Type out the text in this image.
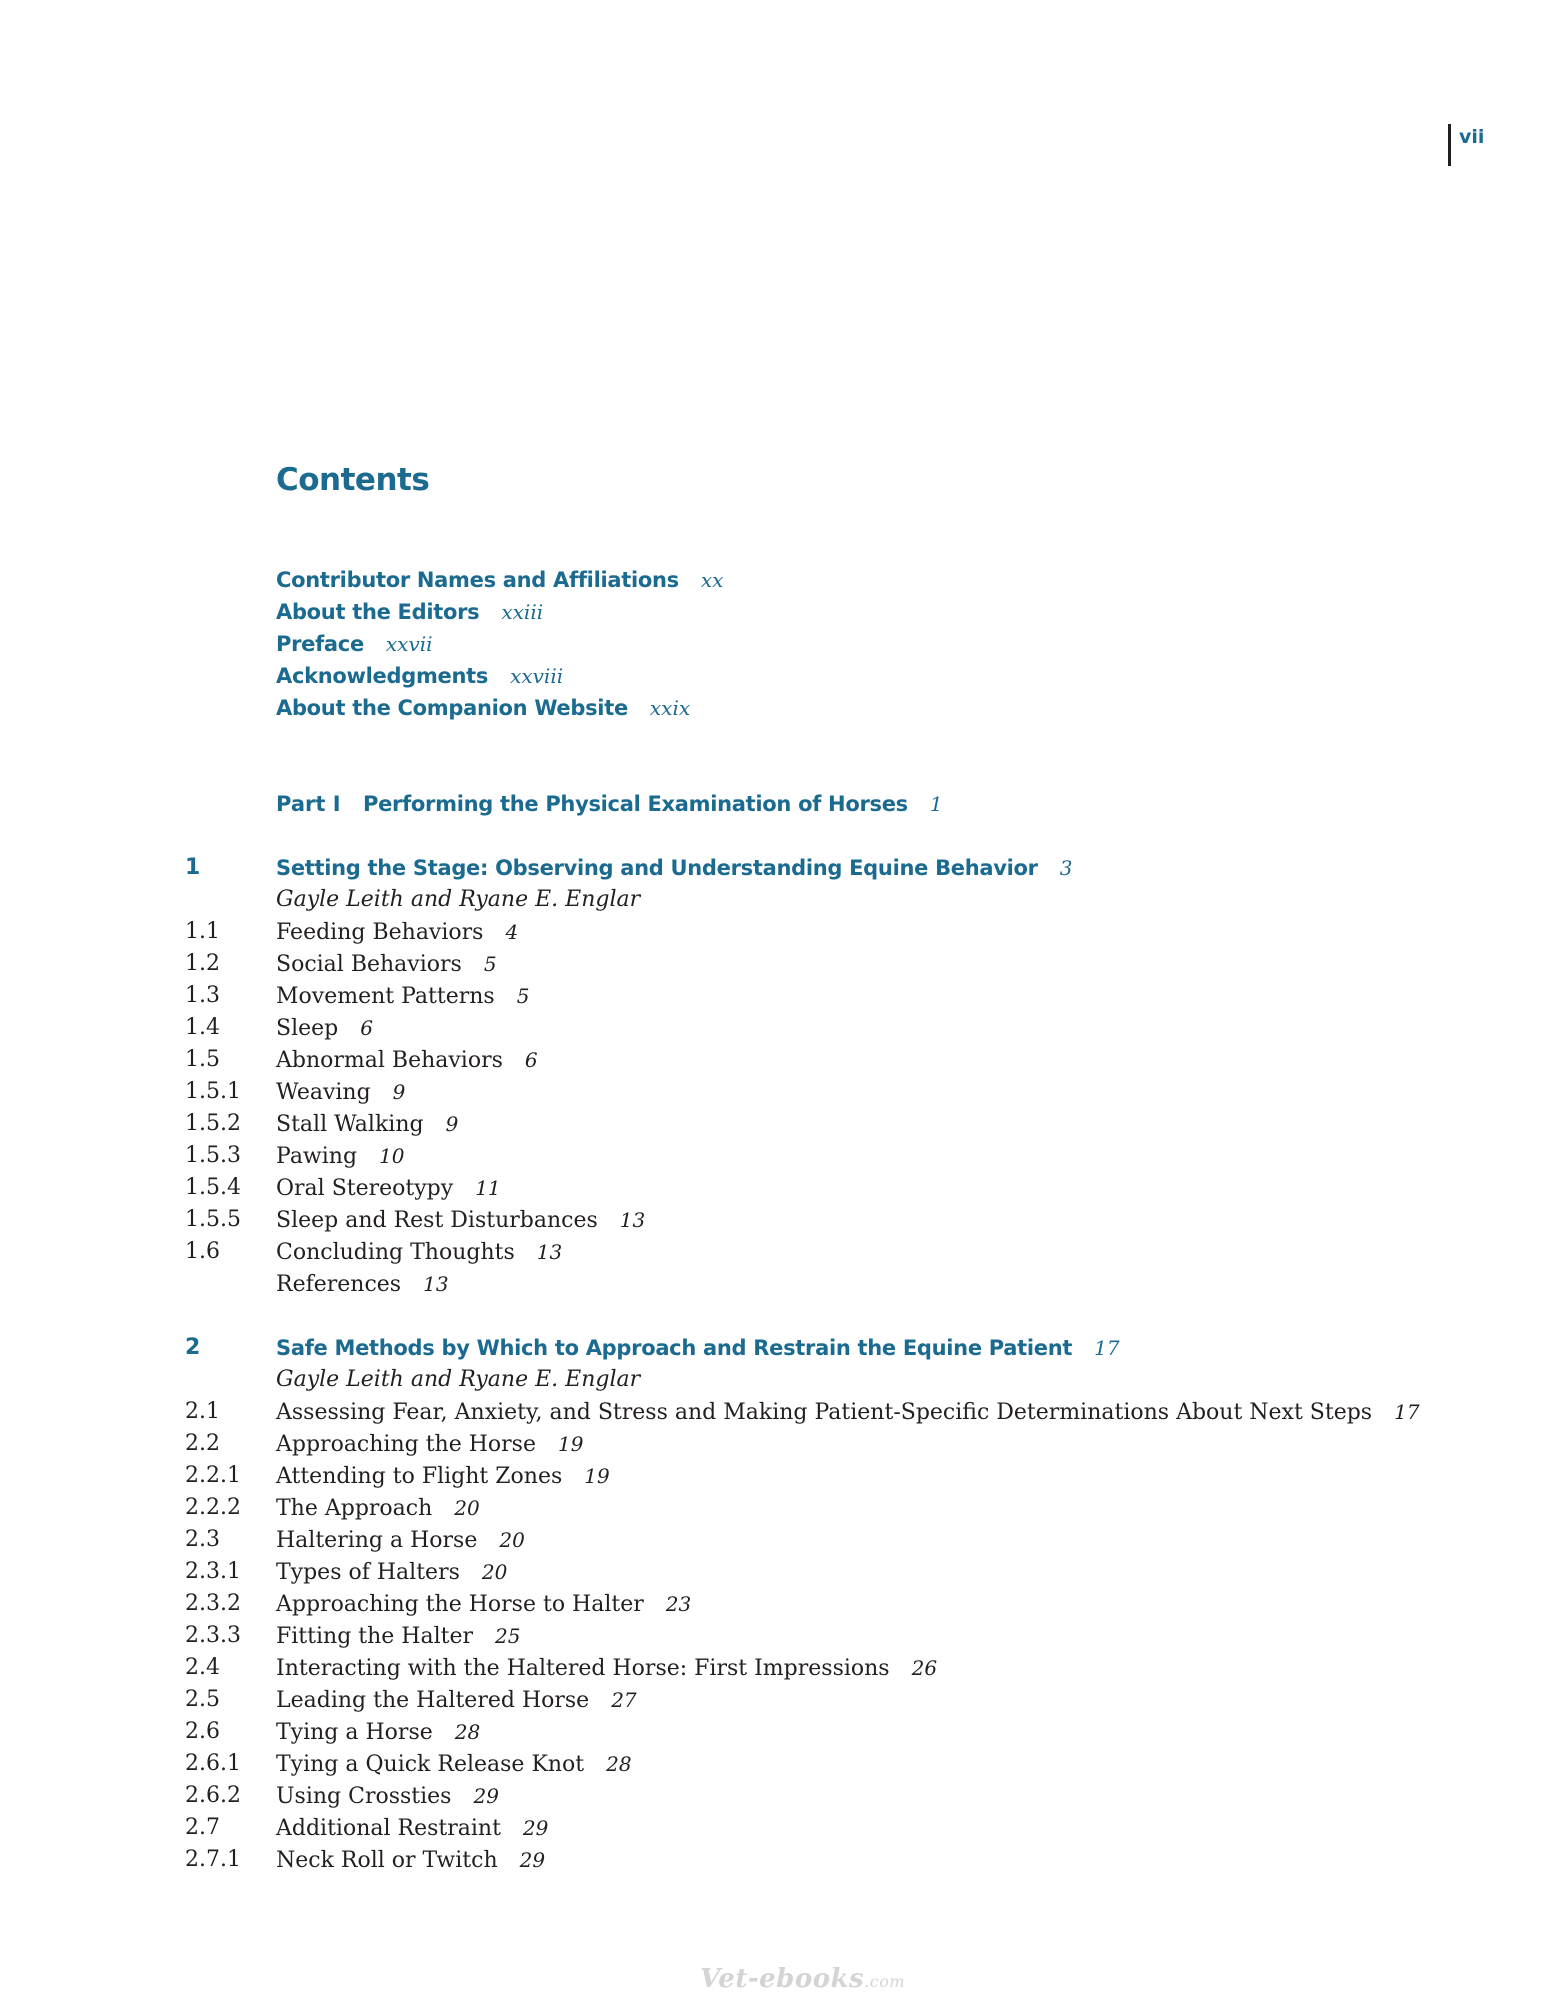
vii
Contents
Contributor Names and Affiliations xx
About the Editors xxiii
Preface xxvii
Acknowledgments xxviii
About the Companion Website xxix
Part I Performing the Physical Examination of Horses 1
1	Setting the Stage: Observing and Understanding Equine Behavior 3
Gayle Leith and Ryane E. Englar
1.1	Feeding Behaviors 4
1.2	Social Behaviors 5
1.3	Movement Patterns 5
1.4	Sleep 6
1.5	Abnormal Behaviors 6
1.5.1 Weaving 9
1.5.2 Stall Walking 9
1.5.3 Pawing 10
1.5.4 Oral Stereotypy 11
1.5.5 Sleep and Rest Disturbances 13
1.6	Concluding Thoughts 13
References 13
2	Safe Methods by Which to Approach and Restrain the Equine Patient 17
Gayle Leith and Ryane E. Englar
2.1	Assessing Fear, Anxiety, and Stress and Making Patient-Specific Determinations About Next Steps 17
2.2	Approaching the Horse 19
2.2.1 Attending to Flight Zones 19
2.2.2 The Approach 20
2.3	Haltering a Horse 20
2.3.1 Types of Halters 20
2.3.2 Approaching the Horse to Halter 23
2.3.3 Fitting the Halter 25
2.4	Interacting with the Haltered Horse: First Impressions 26
2.5	Leading the Haltered Horse 27
2.6	Tying a Horse 28
2.6.1 Tying a Quick Release Knot 28
2.6.2 Using Crossties 29
2.7	Additional Restraint 29
2.7.1 Neck Roll or Twitch 29
Vet-ebooks.com
